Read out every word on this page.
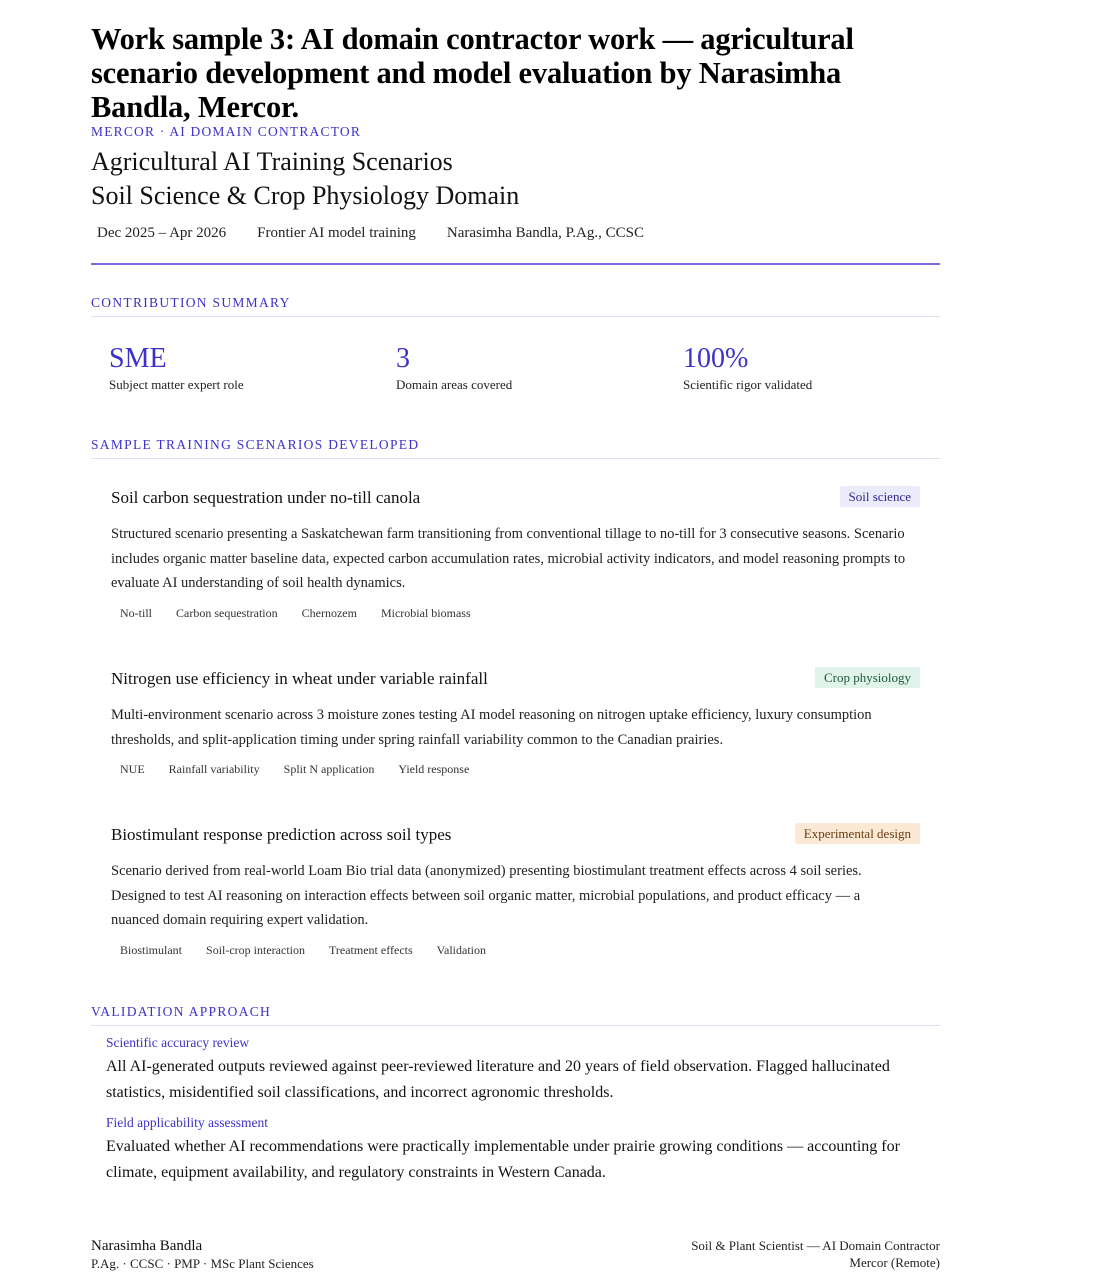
Work sample 3: AI domain contractor work — agricultural scenario development and model evaluation by Narasimha Bandla, Mercor.
MERCOR · AI DOMAIN CONTRACTOR
Agricultural AI Training Scenarios
Soil Science & Crop Physiology Domain
Dec 2025 – Apr 2026 Frontier AI model training Narasimha Bandla, P.Ag., CCSC
CONTRIBUTION SUMMARY
SME
Subject matter expert role
3
Domain areas covered
100%
Scientific rigor validated
SAMPLE TRAINING SCENARIOS DEVELOPED
Soil carbon sequestration under no-till canola	Soil science

Structured scenario presenting a Saskatchewan farm transitioning from conventional tillage to no-till for 3 consecutive seasons. Scenario includes organic matter baseline data, expected carbon accumulation rates, microbial activity indicators, and model reasoning prompts to evaluate AI understanding of soil health dynamics.

No-till	Carbon sequestration	Chernozem	Microbial biomass
Nitrogen use efficiency in wheat under variable rainfall	Crop physiology

Multi-environment scenario across 3 moisture zones testing AI model reasoning on nitrogen uptake efficiency, luxury consumption thresholds, and split-application timing under spring rainfall variability common to the Canadian prairies.

NUE	Rainfall variability	Split N application	Yield response
Biostimulant response prediction across soil types	Experimental design

Scenario derived from real-world Loam Bio trial data (anonymized) presenting biostimulant treatment effects across 4 soil series. Designed to test AI reasoning on interaction effects between soil organic matter, microbial populations, and product efficacy — a nuanced domain requiring expert validation.

Biostimulant	Soil-crop interaction	Treatment effects	Validation
VALIDATION APPROACH
Scientific accuracy review

All AI-generated outputs reviewed against peer-reviewed literature and 20 years of field observation. Flagged hallucinated statistics, misidentified soil classifications, and incorrect agronomic thresholds.

Field applicability assessment

Evaluated whether AI recommendations were practically implementable under prairie growing conditions — accounting for climate, equipment availability, and regulatory constraints in Western Canada.

Narasimha Bandla
P.Ag. · CCSC · PMP · MSc Plant Sciences
Soil & Plant Scientist — AI Domain Contractor
Mercor (Remote)
